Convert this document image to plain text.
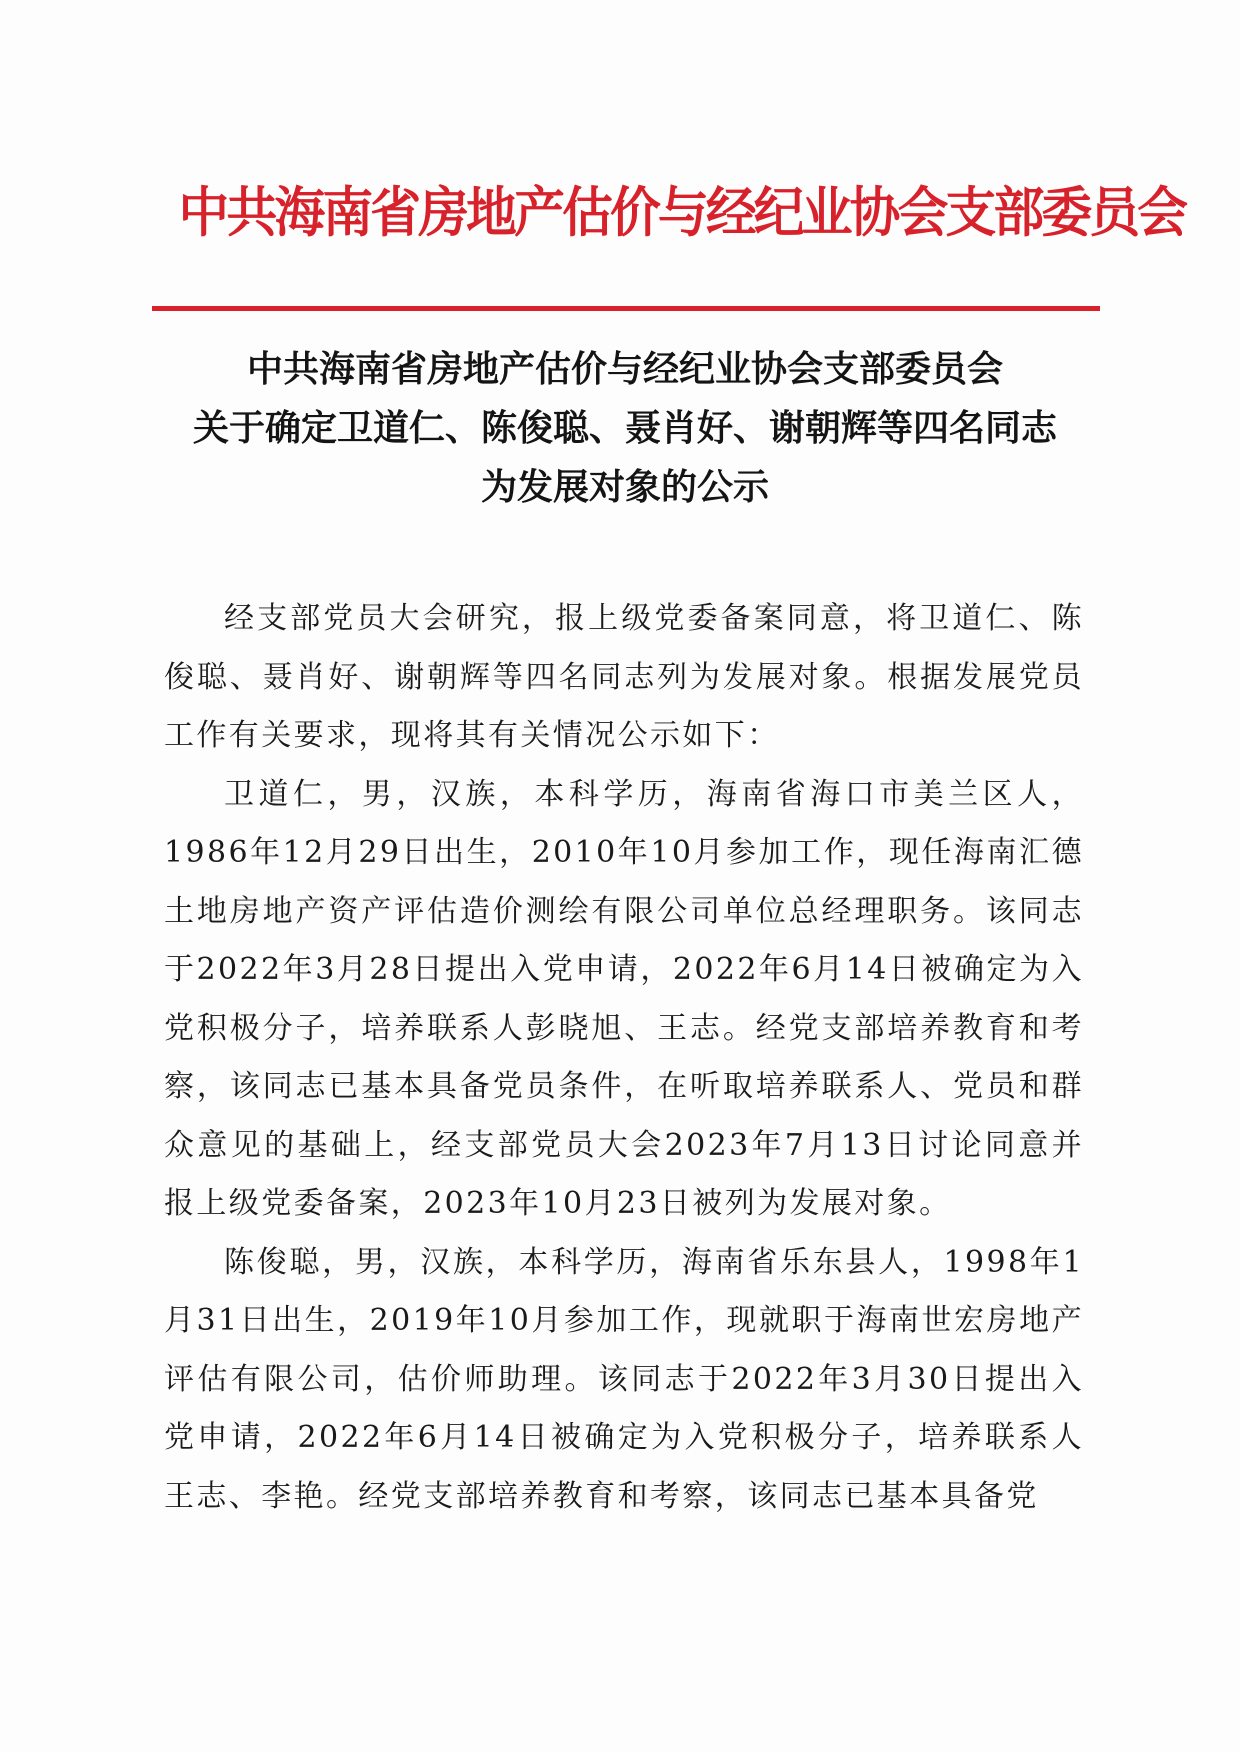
中共海南省房地产估价与经纪业协会支部委员会
中共海南省房地产估价与经纪业协会支部委员会
关于确定卫道仁、陈俊聪、聂肖好、谢朝辉等四名同志
为发展对象的公示

经支部党员大会研究，报上级党委备案同意，将卫道仁、陈俊聪、聂肖好、谢朝辉等四名同志列为发展对象。根据发展党员工作有关要求，现将其有关情况公示如下：

卫道仁，男，汉族，本科学历，海南省海口市美兰区人，1986年12月29日出生，2010年10月参加工作，现任海南汇德土地房地产资产评估造价测绘有限公司单位总经理职务。该同志于2022年3月28日提出入党申请，2022年6月14日被确定为入党积极分子，培养联系人彭晓旭、王志。经党支部培养教育和考察，该同志已基本具备党员条件，在听取培养联系人、党员和群众意见的基础上，经支部党员大会2023年7月13日讨论同意并报上级党委备案，2023年10月23日被列为发展对象。

陈俊聪，男，汉族，本科学历，海南省乐东县人，1998年1月31日出生，2019年10月参加工作，现就职于海南世宏房地产评估有限公司，估价师助理。该同志于2022年3月30日提出入党申请，2022年6月14日被确定为入党积极分子，培养联系人王志、李艳。经党支部培养教育和考察，该同志已基本具备党
